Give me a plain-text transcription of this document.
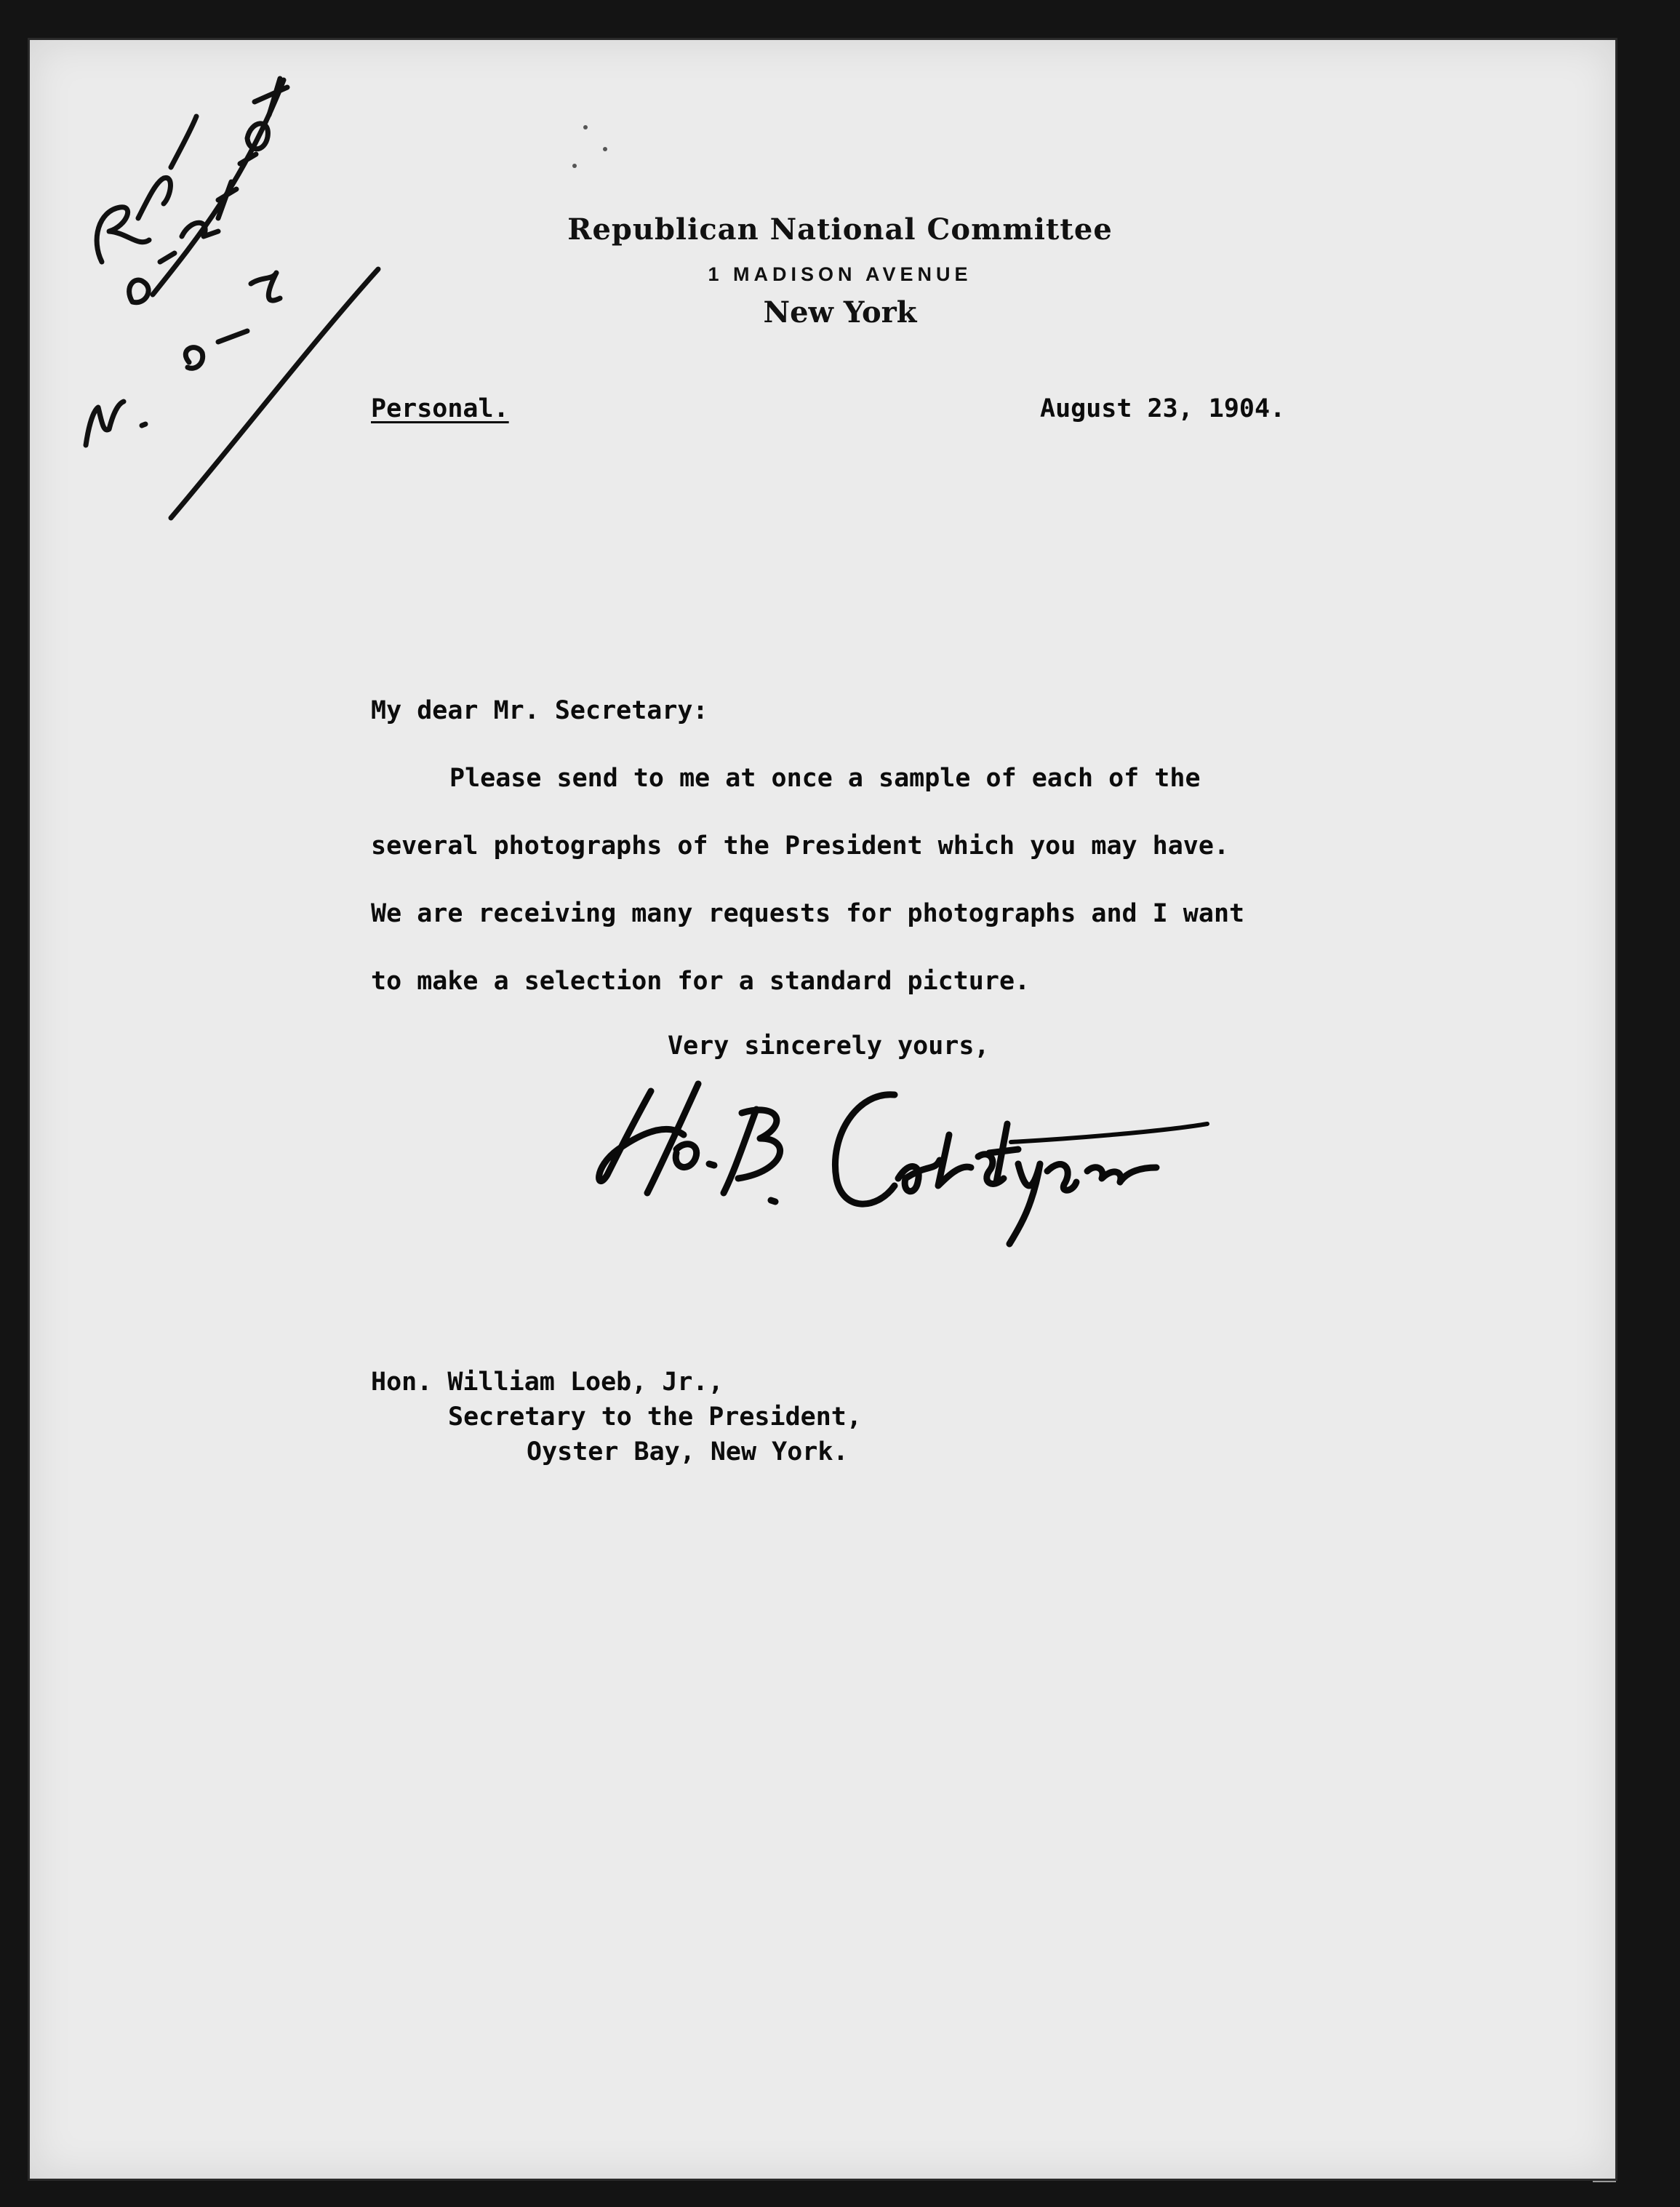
Republican National Committee
1 MADISON AVENUE
New York
Personal.	August 23, 1904.
My dear Mr. Secretary:
Please send to me at once a sample of each of the
several photographs of the President which you may have.
We are receiving many requests for photographs and I want
to make a selection for a standard picture.
Very sincerely yours,
Hon. William Loeb, Jr.,
Secretary to the President,
Oyster Bay, New York.
